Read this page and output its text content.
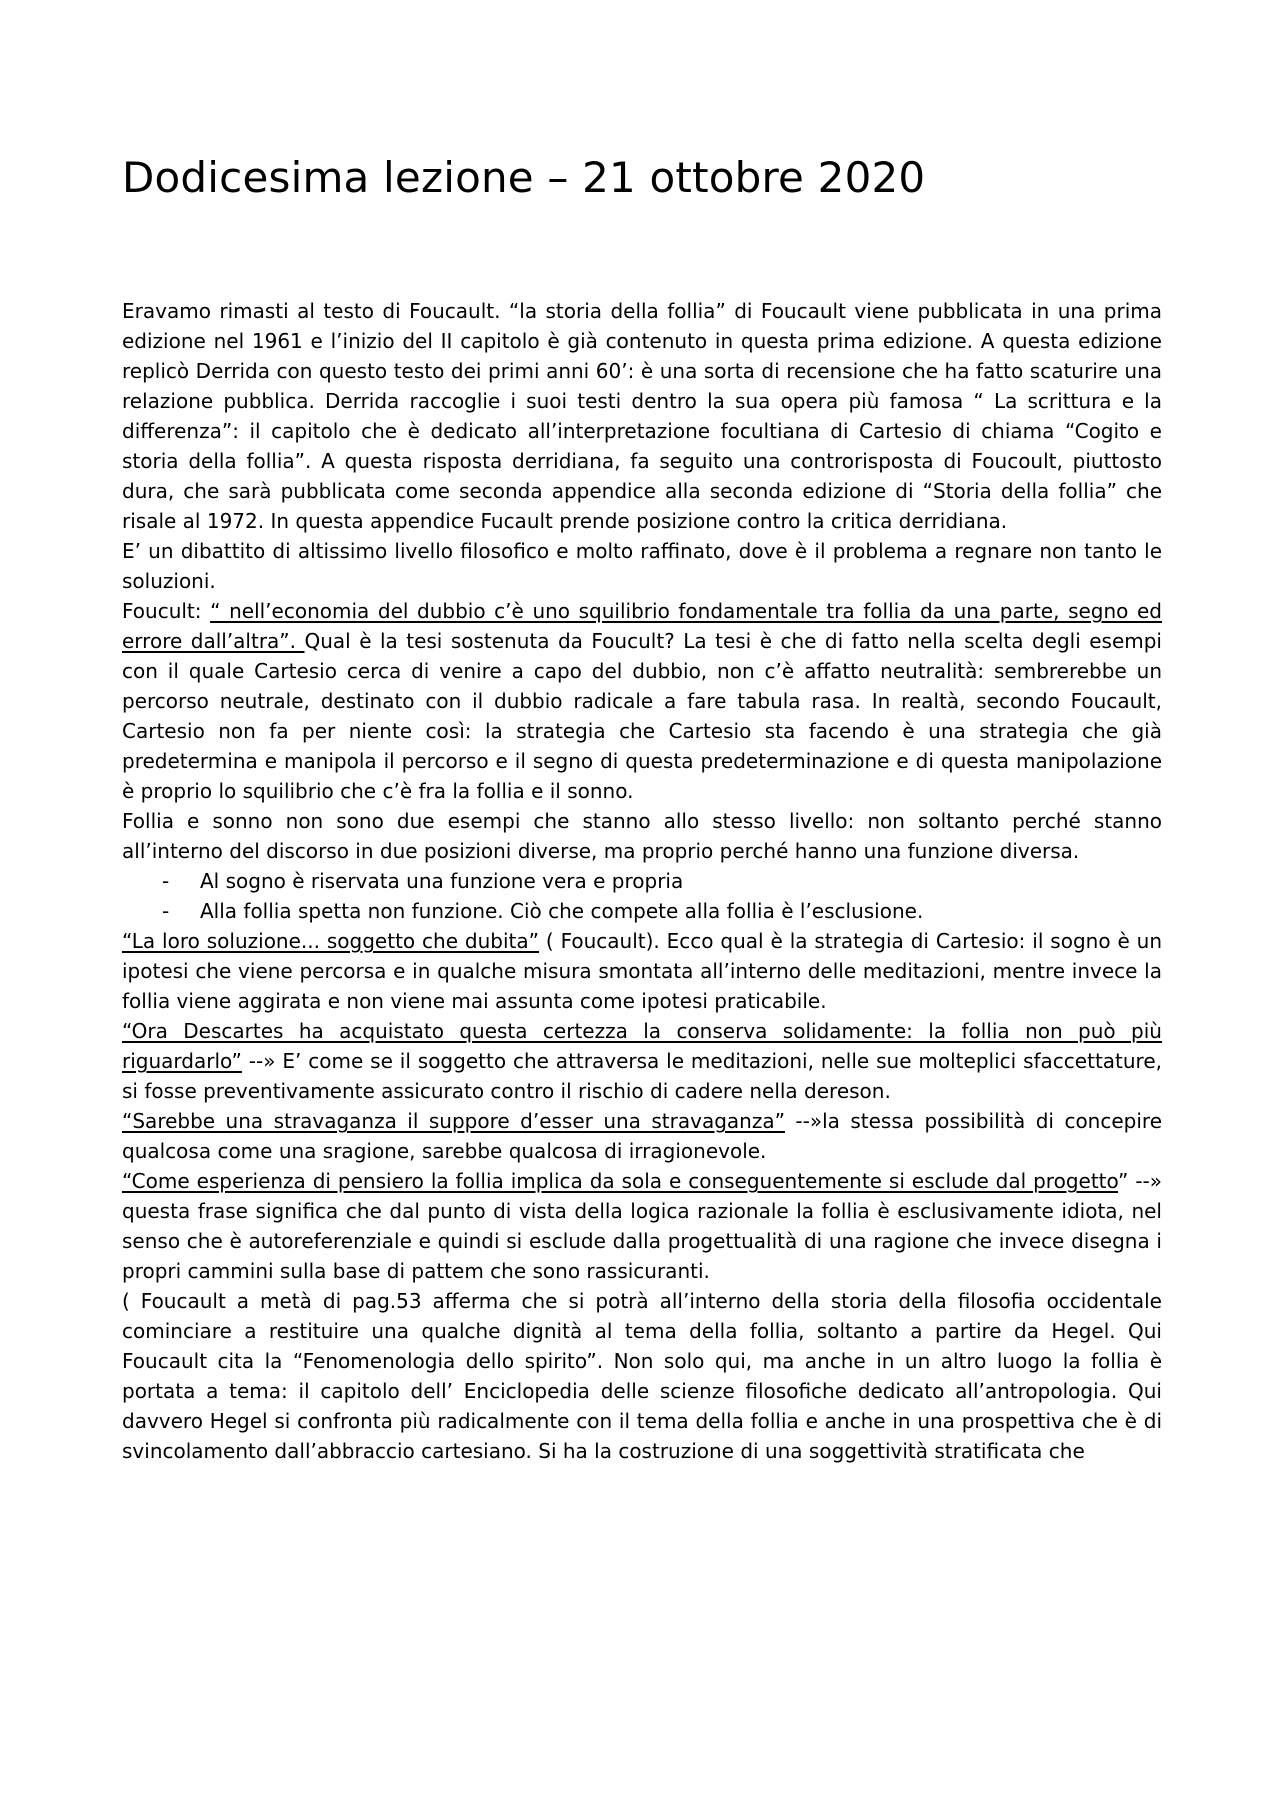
Dodicesima lezione – 21 ottobre 2020

Eravamo rimasti al testo di Foucault. “la storia della follia” di Foucault viene pubblicata in una prima edizione nel 1961 e l’inizio del II capitolo è già contenuto in questa prima edizione. A questa edizione replicò Derrida con questo testo dei primi anni 60’: è una sorta di recensione che ha fatto scaturire una relazione pubblica. Derrida raccoglie i suoi testi dentro la sua opera più famosa “ La scrittura e la differenza”: il capitolo che è dedicato all’interpretazione focultiana di Cartesio di chiama “Cogito e storia della follia”. A questa risposta derridiana, fa seguito una controrisposta di Foucoult, piuttosto dura, che sarà pubblicata come seconda appendice alla seconda edizione di “Storia della follia” che risale al 1972. In questa appendice Fucault prende posizione contro la critica derridiana.

E’ un dibattito di altissimo livello filosofico e molto raffinato, dove è il problema a regnare non tanto le soluzioni.

Foucult: “ nell’economia del dubbio c’è uno squilibrio fondamentale tra follia da una parte, segno ed errore dall’altra”. Qual è la tesi sostenuta da Foucult? La tesi è che di fatto nella scelta degli esempi con il quale Cartesio cerca di venire a capo del dubbio, non c’è affatto neutralità: sembrerebbe un percorso neutrale, destinato con il dubbio radicale a fare tabula rasa. In realtà, secondo Foucault, Cartesio non fa per niente così: la strategia che Cartesio sta facendo è una strategia che già predetermina e manipola il percorso e il segno di questa predeterminazione e di questa manipolazione è proprio lo squilibrio che c’è fra la follia e il sonno.

Follia e sonno non sono due esempi che stanno allo stesso livello: non soltanto perché stanno all’interno del discorso in due posizioni diverse, ma proprio perché hanno una funzione diversa.

- Al sogno è riservata una funzione vera e propria
- Alla follia spetta non funzione. Ciò che compete alla follia è l’esclusione.

“La loro soluzione... soggetto che dubita” ( Foucault). Ecco qual è la strategia di Cartesio: il sogno è un ipotesi che viene percorsa e in qualche misura smontata all’interno delle meditazioni, mentre invece la follia viene aggirata e non viene mai assunta come ipotesi praticabile.

“Ora Descartes ha acquistato questa certezza la conserva solidamente: la follia non può più riguardarlo” --» E’ come se il soggetto che attraversa le meditazioni, nelle sue molteplici sfaccettature, si fosse preventivamente assicurato contro il rischio di cadere nella dereson.

“Sarebbe una stravaganza il suppore d’esser una stravaganza” --»la stessa possibilità di concepire qualcosa come una sragione, sarebbe qualcosa di irragionevole.

“Come esperienza di pensiero la follia implica da sola e conseguentemente si esclude dal progetto” --» questa frase significa che dal punto di vista della logica razionale la follia è esclusivamente idiota, nel senso che è autoreferenziale e quindi si esclude dalla progettualità di una ragione che invece disegna i propri cammini sulla base di pattem che sono rassicuranti.

( Foucault a metà di pag.53 afferma che si potrà all’interno della storia della filosofia occidentale cominciare a restituire una qualche dignità al tema della follia, soltanto a partire da Hegel. Qui Foucault cita la “Fenomenologia dello spirito”. Non solo qui, ma anche in un altro luogo la follia è portata a tema: il capitolo dell’ Enciclopedia delle scienze filosofiche dedicato all’antropologia. Qui davvero Hegel si confronta più radicalmente con il tema della follia e anche in una prospettiva che è di svincolamento dall’abbraccio cartesiano. Si ha la costruzione di una soggettività stratificata che
